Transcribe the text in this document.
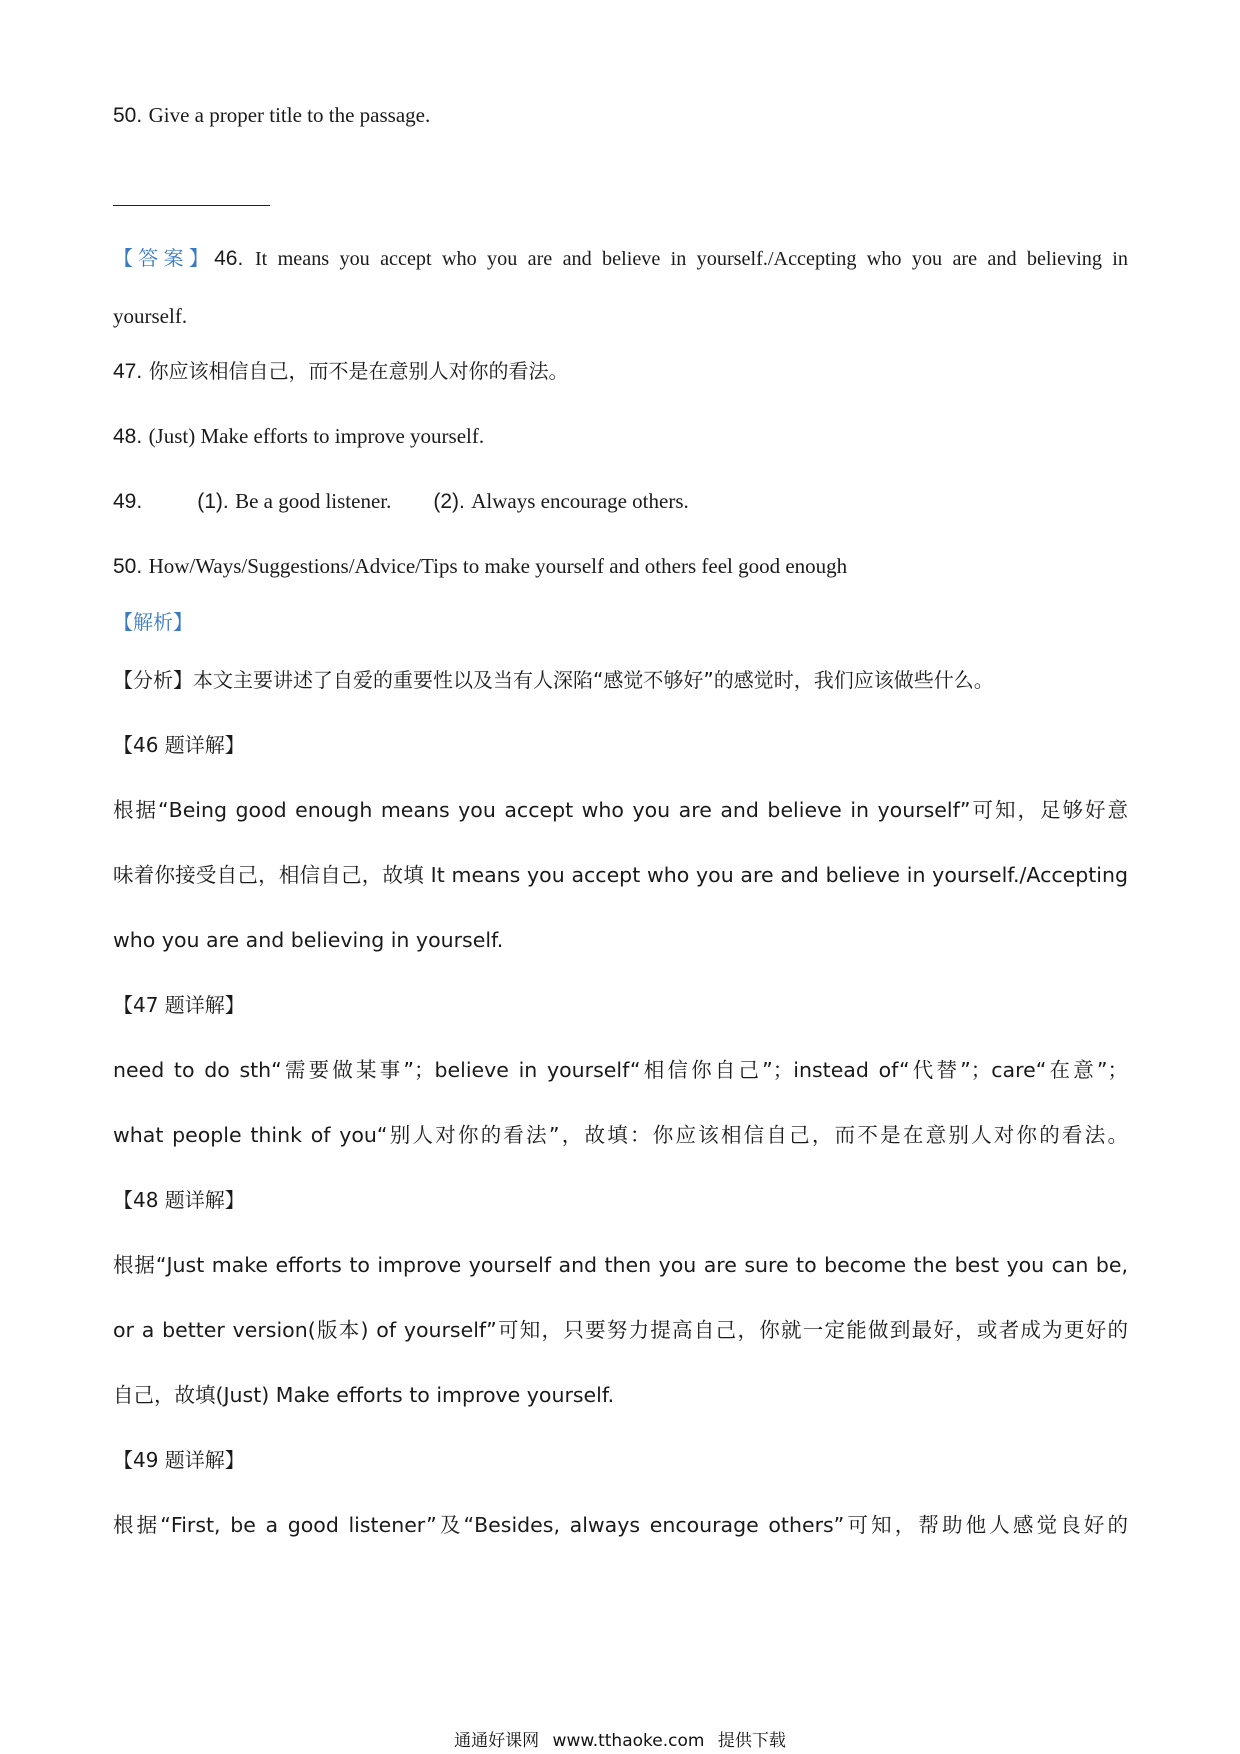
50. Give a proper title to the passage.
【答案】46. It means you accept who you are and believe in yourself./Accepting who you are and believing in
yourself.
47. 你应该相信自己，而不是在意别人对你的看法。
48. (Just) Make efforts to improve yourself.
49.	(1). Be a good listener. (2). Always encourage others.
50. How/Ways/Suggestions/Advice/Tips to make yourself and others feel good enough
【解析】
【分析】本文主要讲述了自爱的重要性以及当有人深陷“感觉不够好”的感觉时，我们应该做些什么。
【46 题详解】
根据“Being good enough means you accept who you are and believe in yourself”可知，足够好意
味着你接受自己，相信自己，故填 It means you accept who you are and believe in yourself./Accepting
who you are and believing in yourself.
【47 题详解】
need to do sth“需要做某事”；believe in yourself“相信你自己”；instead of“代替”；care“在意”；
what people think of you“别人对你的看法”，故填：你应该相信自己，而不是在意别人对你的看法。
【48 题详解】
根据“Just make efforts to improve yourself and then you are sure to become the best you can be,
or a better version(版本) of yourself”可知，只要努力提高自己，你就一定能做到最好，或者成为更好的
自己，故填(Just) Make efforts to improve yourself.
【49 题详解】
根据“First, be a good listener”及“Besides, always encourage others”可知，帮助他人感觉良好的
通通好课网 www.tthaoke.com 提供下载
